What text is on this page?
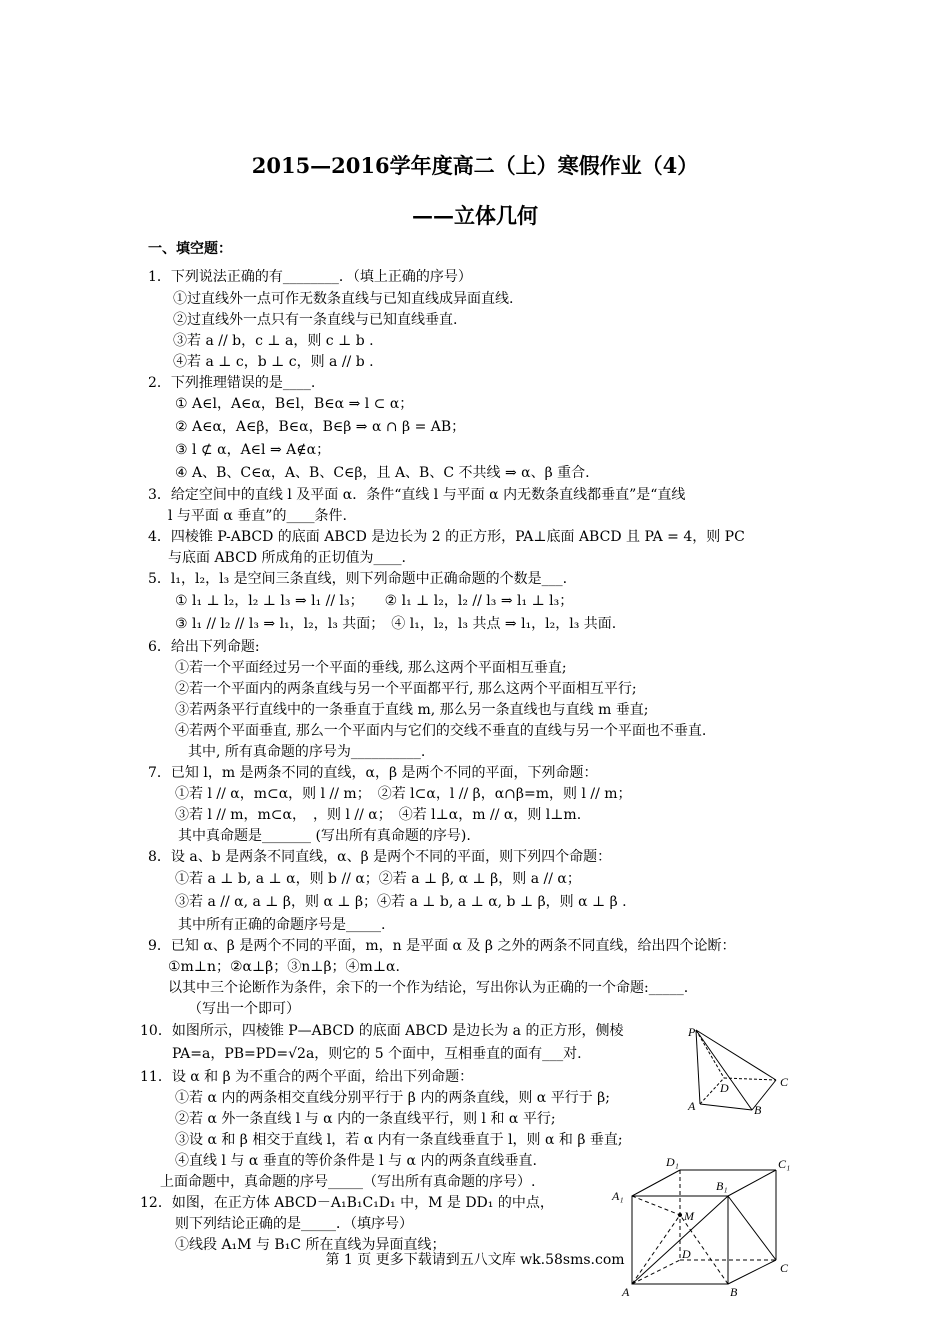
2015—2016学年度高二（上）寒假作业（4）
——立体几何
一、填空题：
1．下列说法正确的有________．（填上正确的序号）
①过直线外一点可作无数条直线与已知直线成异面直线.
②过直线外一点只有一条直线与已知直线垂直.
③若 a // b，c ⊥ a，则 c ⊥ b .
④若 a ⊥ c，b ⊥ c，则 a // b .
2．下列推理错误的是____.
① A∈l，A∈α，B∈l，B∈α ⇒ l ⊂ α；
② A∈α，A∈β，B∈α，B∈β ⇒ α ∩ β = AB；
③ l ⊄ α，A∈l ⇒ A∉α；
④ A、B、C∈α，A、B、C∈β，且 A、B、C 不共线 ⇒ α、β 重合.
3．给定空间中的直线 l 及平面 α．条件“直线 l 与平面 α 内无数条直线都垂直”是“直线
l 与平面 α 垂直”的____条件.
4．四棱锥 P-ABCD 的底面 ABCD 是边长为 2 的正方形，PA⊥底面 ABCD 且 PA = 4，则 PC
与底面 ABCD 所成角的正切值为____.
5．l₁，l₂，l₃ 是空间三条直线，则下列命题中正确命题的个数是___.
① l₁ ⊥ l₂，l₂ ⊥ l₃ ⇒ l₁ // l₃；　　② l₁ ⊥ l₂，l₂ // l₃ ⇒ l₁ ⊥ l₃；
③ l₁ // l₂ // l₃ ⇒ l₁，l₂，l₃ 共面；　④ l₁，l₂，l₃ 共点 ⇒ l₁，l₂，l₃ 共面.
6．给出下列命题:
①若一个平面经过另一个平面的垂线, 那么这两个平面相互垂直;
②若一个平面内的两条直线与另一个平面都平行, 那么这两个平面相互平行;
③若两条平行直线中的一条垂直于直线 m, 那么另一条直线也与直线 m 垂直;
④若两个平面垂直, 那么一个平面内与它们的交线不垂直的直线与另一个平面也不垂直.
其中, 所有真命题的序号为__________.
7．已知 l，m 是两条不同的直线，α，β 是两个不同的平面，下列命题：
①若 l // α，m⊂α，则 l // m；　②若 l⊂α，l // β，α∩β=m，则 l // m；
③若 l // m，m⊂α，　，则 l // α；　④若 l⊥α，m // α，则 l⊥m.
其中真命题是_______ (写出所有真命题的序号).
8．设 a、b 是两条不同直线，α、β 是两个不同的平面，则下列四个命题：
①若 a ⊥ b, a ⊥ α，则 b // α；②若 a ⊥ β, α ⊥ β，则 a // α；
③若 a // α, a ⊥ β，则 α ⊥ β；④若 a ⊥ b, a ⊥ α, b ⊥ β，则 α ⊥ β .
其中所有正确的命题序号是_____.
9．已知 α、β 是两个不同的平面，m，n 是平面 α 及 β 之外的两条不同直线，给出四个论断：
①m⊥n；②α⊥β；③n⊥β；④m⊥α.
以其中三个论断作为条件，余下的一个作为结论，写出你认为正确的一个命题:_____.
（写出一个即可）
10．如图所示，四棱锥 P—ABCD 的底面 ABCD 是边长为 a 的正方形，侧棱
PA=a，PB=PD=√2a，则它的 5 个面中，互相垂直的面有___对.
11．设 α 和 β 为不重合的两个平面，给出下列命题：
①若 α 内的两条相交直线分别平行于 β 内的两条直线，则 α 平行于 β;
②若 α 外一条直线 l 与 α 内的一条直线平行，则 l 和 α 平行;
③设 α 和 β 相交于直线 l，若 α 内有一条直线垂直于 l，则 α 和 β 垂直;
④直线 l 与 α 垂直的等价条件是 l 与 α 内的两条直线垂直.
上面命题中，真命题的序号_____（写出所有真命题的序号）.
12．如图，在正方体 ABCD－A₁B₁C₁D₁ 中，M 是 DD₁ 的中点，
则下列结论正确的是_____．（填序号）
①线段 A₁M 与 B₁C 所在直线为异面直线；
P
A	B
C
D
D₁	C₁
A₁
B₁
M
D
C
A	B
第 1 页 更多下载请到五八文库 wk.58sms.com
